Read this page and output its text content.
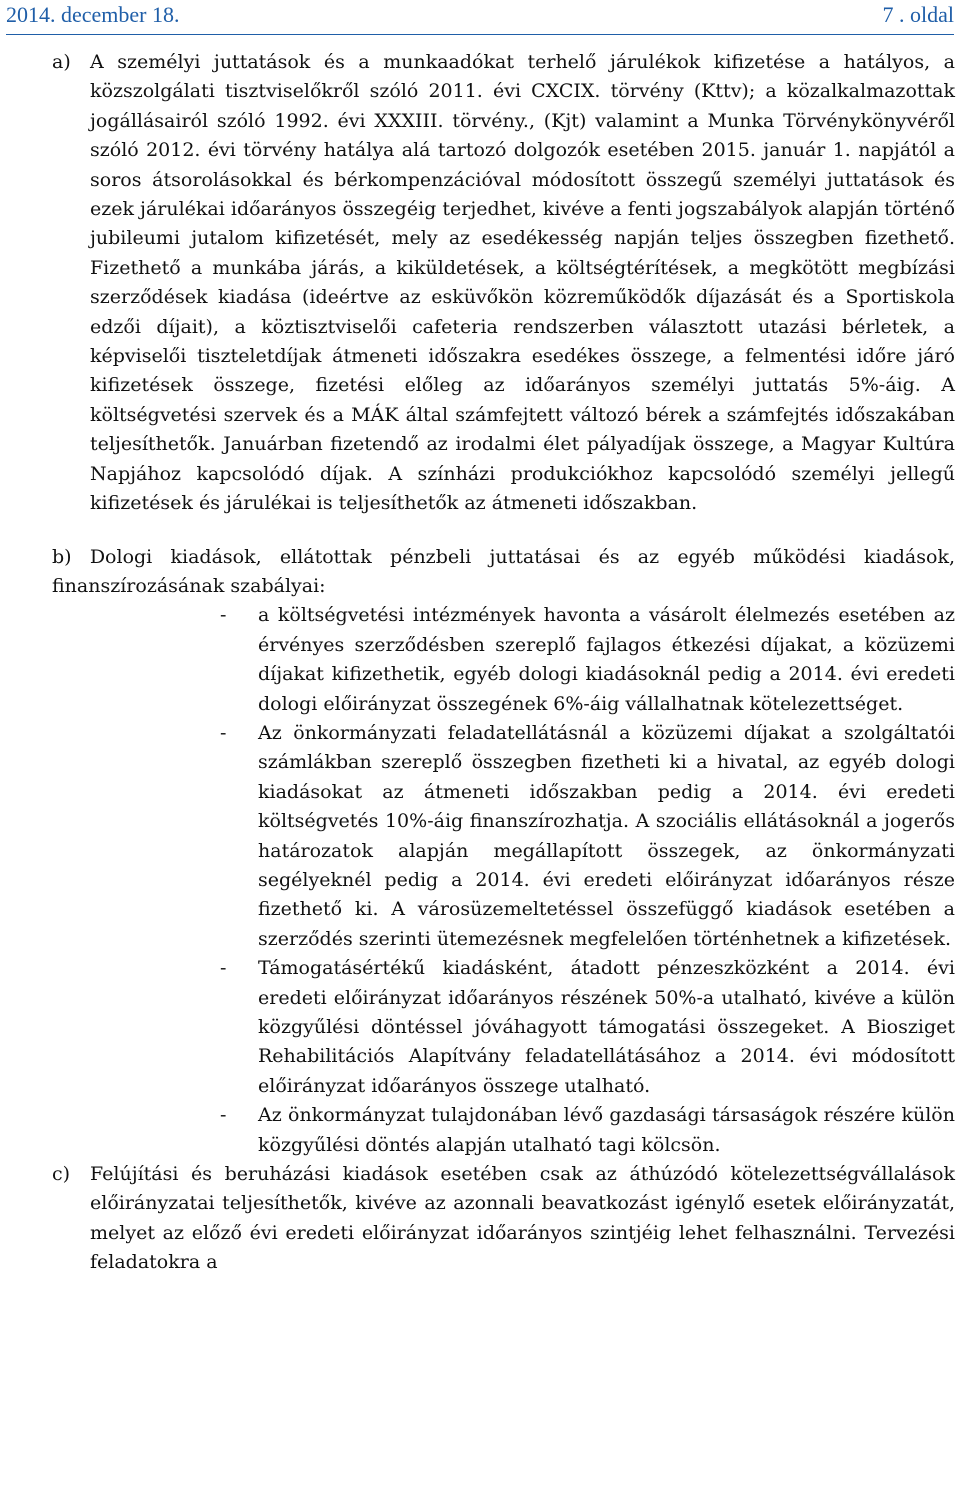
2014. december 18.	7 . oldal
a) A személyi juttatások és a munkaadókat terhelő járulékok kifizetése a hatályos, a közszolgálati tisztviselőkről szóló 2011. évi CXCIX. törvény (Kttv); a közalkalmazottak jogállásairól szóló 1992. évi XXXIII. törvény., (Kjt) valamint a Munka Törvénykönyvéről szóló 2012. évi törvény hatálya alá tartozó dolgozók esetében 2015. január 1. napjától a soros átsorolásokkal és bérkompenzációval módosított összegű személyi juttatások és ezek járulékai időarányos összegéig terjedhet, kivéve a fenti jogszabályok alapján történő jubileumi jutalom kifizetését, mely az esedékesség napján teljes összegben fizethető. Fizethető a munkába járás, a kiküldetések, a költségtérítések, a megkötött megbízási szerződések kiadása (ideértve az esküvőkön közreműködők díjazását és a Sportiskola edzői díjait), a köztisztviselői cafeteria rendszerben választott utazási bérletek, a képviselői tiszteletdíjak átmeneti időszakra esedékes összege, a felmentési időre járó kifizetések összege, fizetési előleg az időarányos személyi juttatás 5%-áig. A költségvetési szervek és a MÁK által számfejtett változó bérek a számfejtés időszakában teljesíthetők. Januárban fizetendő az irodalmi élet pályadíjak összege, a Magyar Kultúra Napjához kapcsolódó díjak. A színházi produkciókhoz kapcsolódó személyi jellegű kifizetések és járulékai is teljesíthetők az átmeneti időszakban.

b) Dologi kiadások, ellátottak pénzbeli juttatásai és az egyéb működési kiadások, finanszírozásának szabályai:

- a költségvetési intézmények havonta a vásárolt élelmezés esetében az érvényes szerződésben szereplő fajlagos étkezési díjakat, a közüzemi díjakat kifizethetik, egyéb dologi kiadásoknál pedig a 2014. évi eredeti dologi előirányzat összegének 6%-áig vállalhatnak kötelezettséget.

- Az önkormányzati feladatellátásnál a közüzemi díjakat a szolgáltatói számlákban szereplő összegben fizetheti ki a hivatal, az egyéb dologi kiadásokat az átmeneti időszakban pedig a 2014. évi eredeti költségvetés 10%-áig finanszírozhatja. A szociális ellátásoknál a jogerős határozatok alapján megállapított összegek, az önkormányzati segélyeknél pedig a 2014. évi eredeti előirányzat időarányos része fizethető ki. A városüzemeltetéssel összefüggő kiadások esetében a szerződés szerinti ütemezésnek megfelelően történhetnek a kifizetések.

- Támogatásértékű kiadásként, átadott pénzeszközként a 2014. évi eredeti előirányzat időarányos részének 50%-a utalható, kivéve a külön közgyűlési döntéssel jóváhagyott támogatási összegeket. A Biosziget Rehabilitációs Alapítvány feladatellátásához a 2014. évi módosított előirányzat időarányos összege utalható.

- Az önkormányzat tulajdonában lévő gazdasági társaságok részére külön közgyűlési döntés alapján utalható tagi kölcsön.

c) Felújítási és beruházási kiadások esetében csak az áthúzódó kötelezettségvállalások előirányzatai teljesíthetők, kivéve az azonnali beavatkozást igénylő esetek előirányzatát, melyet az előző évi eredeti előirányzat időarányos szintjéig lehet felhasználni. Tervezési feladatokra a
